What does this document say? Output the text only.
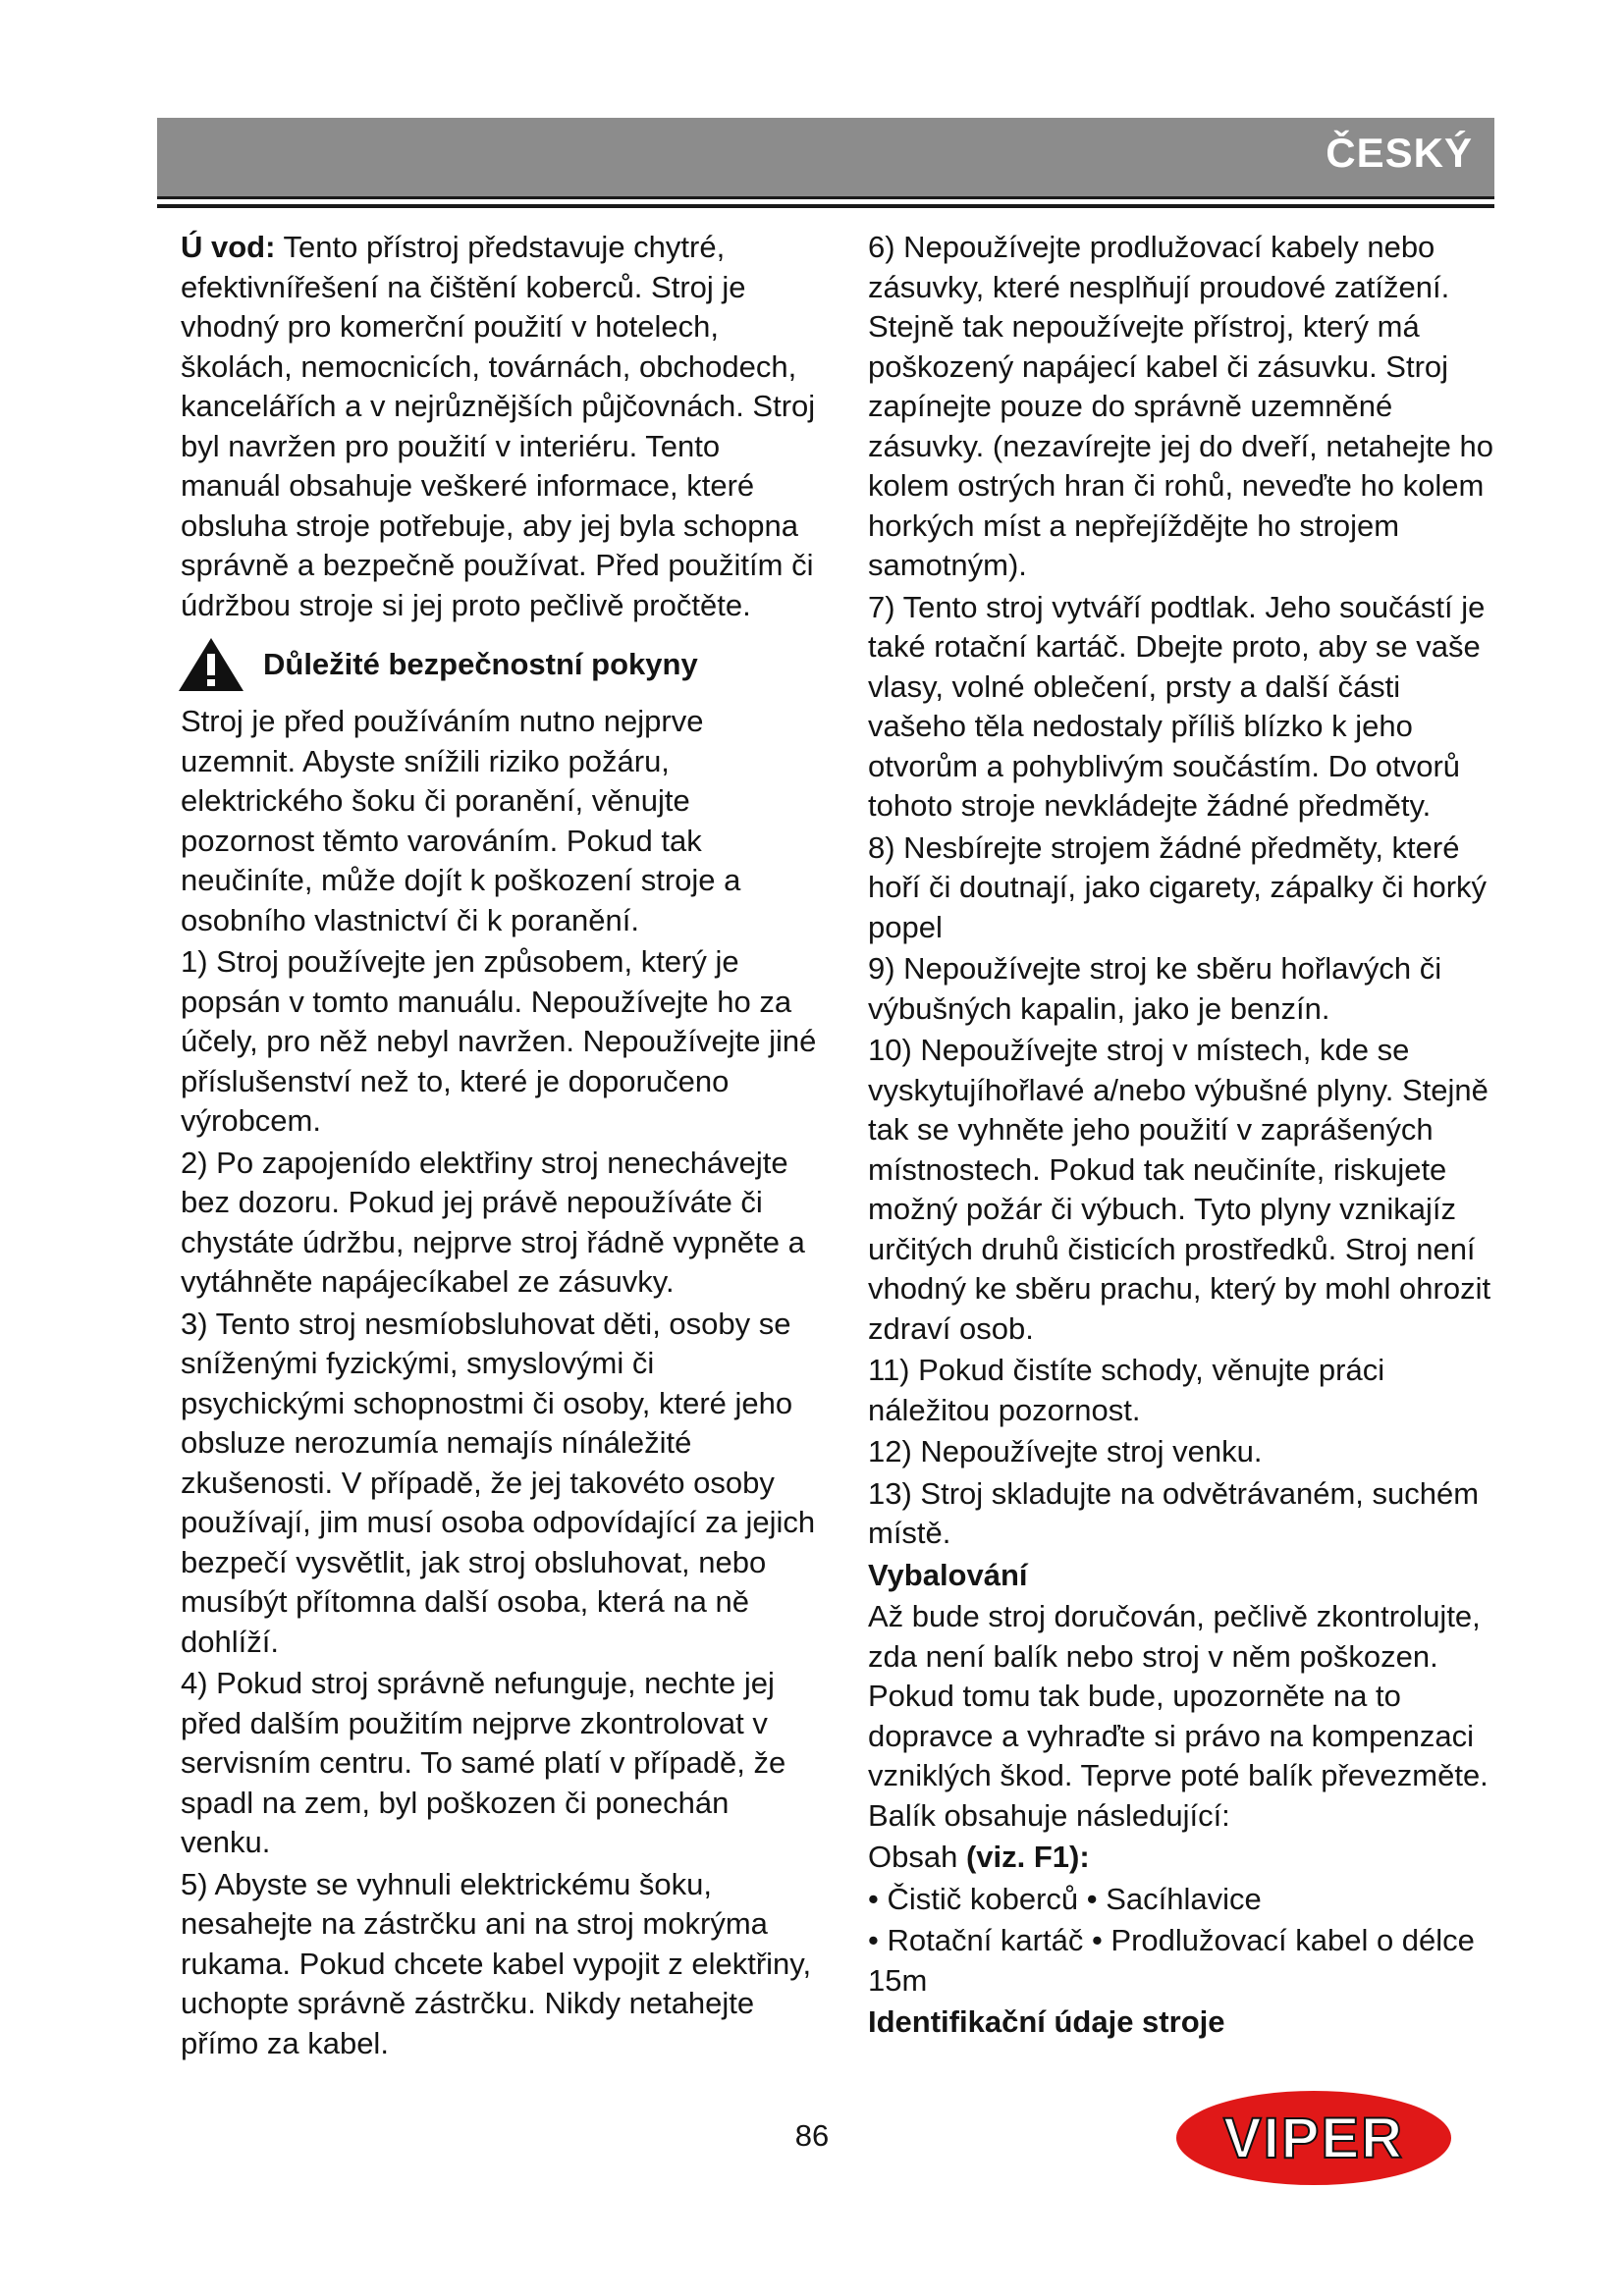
ČESKÝ

Ú vod: Tento přístroj představuje chytré, efektivnířešení na čištění koberců. Stroj je vhodný pro komerční použití v hotelech, školách, nemocnicích, továrnách, obchodech, kancelářích a v nejrůznějších půjčovnách. Stroj byl navržen pro použití v interiéru. Tento manuál obsahuje veškeré informace, které obsluha stroje potřebuje, aby jej byla schopna správně a bezpečně používat. Před použitím či údržbou stroje si jej proto pečlivě pročtěte.

Důležité bezpečnostní pokyny

Stroj je před používáním nutno nejprve uzemnit. Abyste snížili riziko požáru, elektrického šoku či poranění, věnujte pozornost těmto varováním. Pokud tak neučiníte, může dojít k poškození stroje a osobního vlastnictví či k poranění.

1) Stroj používejte jen způsobem, který je popsán v tomto manuálu. Nepoužívejte ho za účely, pro něž nebyl navržen. Nepoužívejte jiné příslušenství než to, které je doporučeno výrobcem.

2) Po zapojenído elektřiny stroj nenechávejte bez dozoru. Pokud jej právě nepoužíváte či chystáte údržbu, nejprve stroj řádně vypněte a vytáhněte napájecíkabel ze zásuvky.

3) Tento stroj nesmíobsluhovat děti, osoby se sníženými fyzickými, smyslovými či psychickými schopnostmi či osoby, které jeho obsluze nerozumía nemajís nínáležité zkušenosti. V případě, že jej takovéto osoby používají, jim musí osoba odpovídající za jejich bezpečí vysvětlit, jak stroj obsluhovat, nebo musíbýt přítomna další osoba, která na ně dohlíží.

4) Pokud stroj správně nefunguje, nechte jej před dalším použitím nejprve zkontrolovat v servisním centru. To samé platí v případě, že spadl na zem, byl poškozen či ponechán venku.

5) Abyste se vyhnuli elektrickému šoku, nesahejte na zástrčku ani na stroj mokrýma rukama. Pokud chcete kabel vypojit z elektřiny, uchopte správně zástrčku. Nikdy netahejte přímo za kabel.

6) Nepoužívejte prodlužovací kabely nebo zásuvky, které nesplňují proudové zatížení. Stejně tak nepoužívejte přístroj, který má poškozený napájecí kabel či zásuvku. Stroj zapínejte pouze do správně uzemněné zásuvky. (nezavírejte jej do dveří, netahejte ho kolem ostrých hran či rohů, neveďte ho kolem horkých míst a nepřejíždějte ho strojem samotným).

7) Tento stroj vytváří podtlak. Jeho součástí je také rotační kartáč. Dbejte proto, aby se vaše vlasy, volné oblečení, prsty a další části vašeho těla nedostaly příliš blízko k jeho otvorům a pohyblivým součástím. Do otvorů tohoto stroje nevkládejte žádné předměty.

8) Nesbírejte strojem žádné předměty, které hoří či doutnají, jako cigarety, zápalky či horký popel

9) Nepoužívejte stroj ke sběru hořlavých či výbušných kapalin, jako je benzín.

10) Nepoužívejte stroj v místech, kde se vyskytujíhořlavé a/nebo výbušné plyny. Stejně tak se vyhněte jeho použití v zaprášených místnostech. Pokud tak neučiníte, riskujete možný požár či výbuch. Tyto plyny vznikajíz určitých druhů čisticích prostředků. Stroj není vhodný ke sběru prachu, který by mohl ohrozit zdraví osob.

11) Pokud čistíte schody, věnujte práci náležitou pozornost.

12) Nepoužívejte stroj venku.

13) Stroj skladujte na odvětrávaném, suchém místě.

Vybalování

Až bude stroj doručován, pečlivě zkontrolujte, zda není balík nebo stroj v něm poškozen. Pokud tomu tak bude, upozorněte na to dopravce a vyhraďte si právo na kompenzaci vzniklých škod. Teprve poté balík převezměte. Balík obsahuje následující:

Obsah (viz. F1):

• Čistič koberců • Sacíhlavice

• Rotační kartáč • Prodlužovací kabel o délce 15m

Identifikační údaje stroje

86	VIPER
